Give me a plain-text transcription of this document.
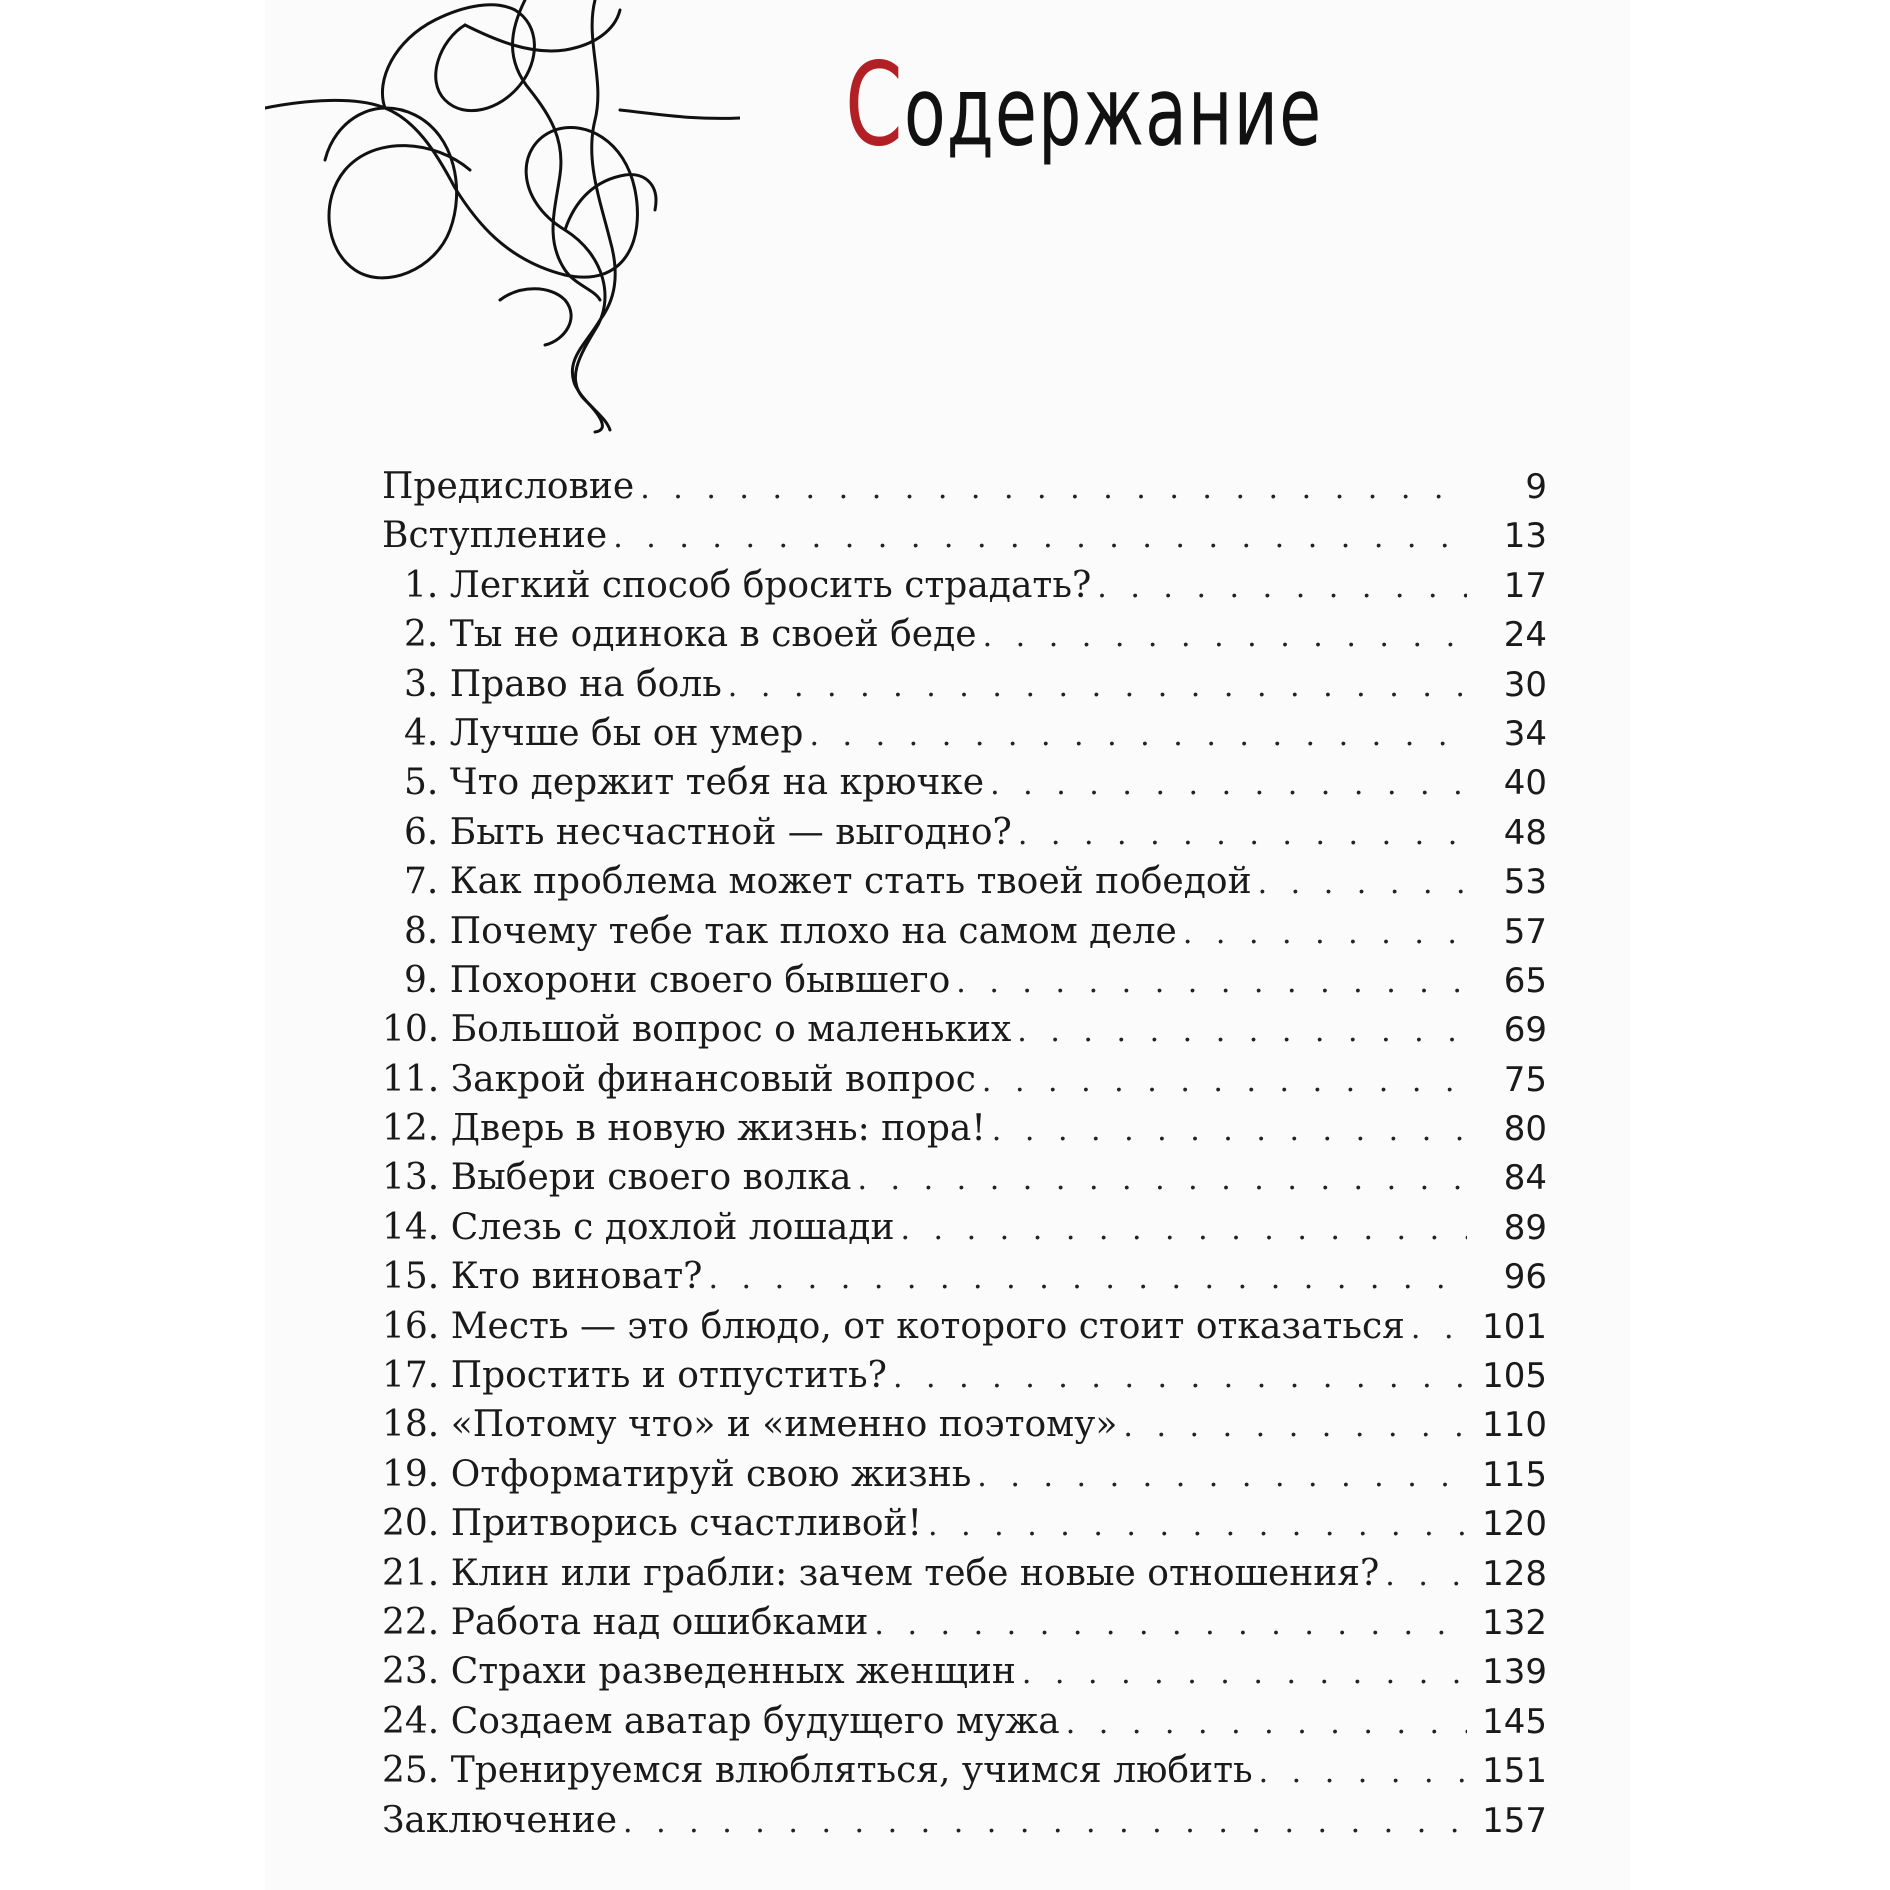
Содержание
Предисловие . . .	9
Вступление . . .	13
1. Легкий способ бросить страдать? . . .	17
2. Ты не одинока в своей беде . . .	24
3. Право на боль . . .	30
4. Лучше бы он умер . . .	34
5. Что держит тебя на крючке . . .	40
6. Быть несчастной — выгодно? . . .	48
7. Как проблема может стать твоей победой . . .	53
8. Почему тебе так плохо на самом деле . . .	57
9. Похорони своего бывшего . . .	65
10. Большой вопрос о маленьких . . .	69
11. Закрой финансовый вопрос . . .	75
12. Дверь в новую жизнь: пора! . . .	80
13. Выбери своего волка . . .	84
14. Слезь с дохлой лошади . . .	89
15. Кто виноват? . . .	96
16. Месть — это блюдо, от которого стоит отказаться . . .	101
17. Простить и отпустить? . . .	105
18. «Потому что» и «именно поэтому» . . .	110
19. Отформатируй свою жизнь . . .	115
20. Притворись счастливой! . . .	120
21. Клин или грабли: зачем тебе новые отношения? . . .	128
22. Работа над ошибками . . .	132
23. Страхи разведенных женщин . . .	139
24. Создаем аватар будущего мужа . . .	145
25. Тренируемся влюбляться, учимся любить . . .	151
Заключение . . .	157
